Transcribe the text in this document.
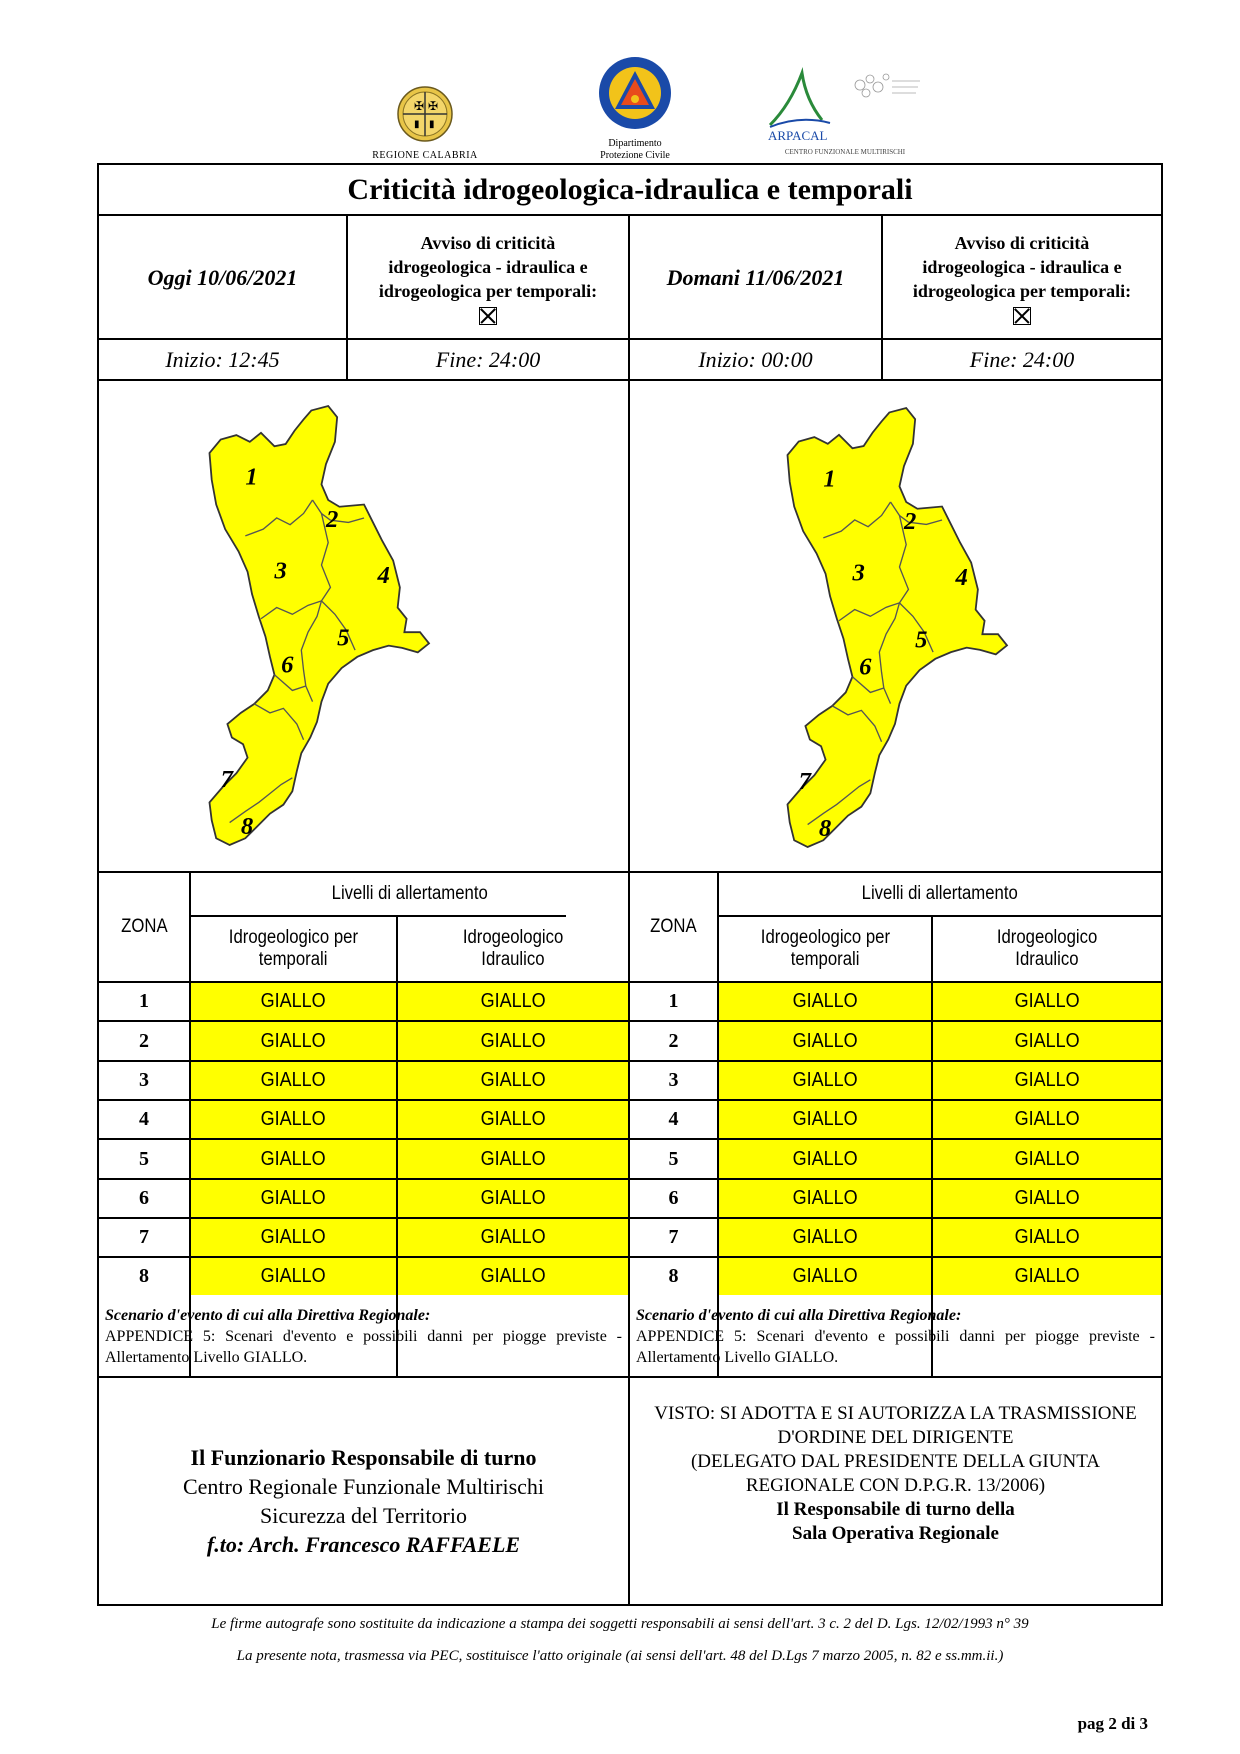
✠ ✠
▮ ▮
REGIONE CALABRIA
Dipartimento
Protezione Civile
ARPACAL
CENTRO FUNZIONALE MULTIRISCHI
Criticità idrogeologica-idraulica e temporali
Oggi 10/06/2021
Avviso di criticità
idrogeologica - idraulica e
idrogeologica per temporali:
Inizio: 12:45	Fine: 24:00
Domani 11/06/2021
Avviso di criticità
idrogeologica - idraulica e
idrogeologica per temporali:
Inizio: 00:00	Fine: 24:00
1
2
3	4
5
6
7
8
1
2
3	4
5
6
7
8
ZONA
Livelli di allertamento
Idrogeologico per
temporali
Idrogeologico
Idraulico
ZONA
Livelli di allertamento
Idrogeologico per
temporali
Idrogeologico
Idraulico
1	GIALLO	GIALLO
2	GIALLO	GIALLO
3	GIALLO	GIALLO
4	GIALLO	GIALLO
5	GIALLO	GIALLO
6	GIALLO	GIALLO
7	GIALLO	GIALLO
8	GIALLO	GIALLO
1	GIALLO	GIALLO
2	GIALLO	GIALLO
3	GIALLO	GIALLO
4	GIALLO	GIALLO
5	GIALLO	GIALLO
6	GIALLO	GIALLO
7	GIALLO	GIALLO
8	GIALLO	GIALLO
Scenario d'evento di cui alla Direttiva Regionale:
APPENDICE 5: Scenari d'evento e possibili danni per piogge previste - Allertamento Livello GIALLO.
Scenario d'evento di cui alla Direttiva Regionale:
APPENDICE 5: Scenari d'evento e possibili danni per piogge previste - Allertamento Livello GIALLO.
Il Funzionario Responsabile di turno
Centro Regionale Funzionale Multirischi
Sicurezza del Territorio
f.to: Arch. Francesco RAFFAELE
VISTO: SI ADOTTA E SI AUTORIZZA LA TRASMISSIONE
D'ORDINE DEL DIRIGENTE
(DELEGATO DAL PRESIDENTE DELLA GIUNTA
REGIONALE CON D.P.G.R. 13/2006)
Il Responsabile di turno della
Sala Operativa Regionale
Le firme autografe sono sostituite da indicazione a stampa dei soggetti responsabili ai sensi dell'art. 3 c. 2 del D. Lgs. 12/02/1993 n° 39
La presente nota, trasmessa via PEC, sostituisce l'atto originale (ai sensi dell'art. 48 del D.Lgs 7 marzo 2005, n. 82 e ss.mm.ii.)
pag 2 di 3
